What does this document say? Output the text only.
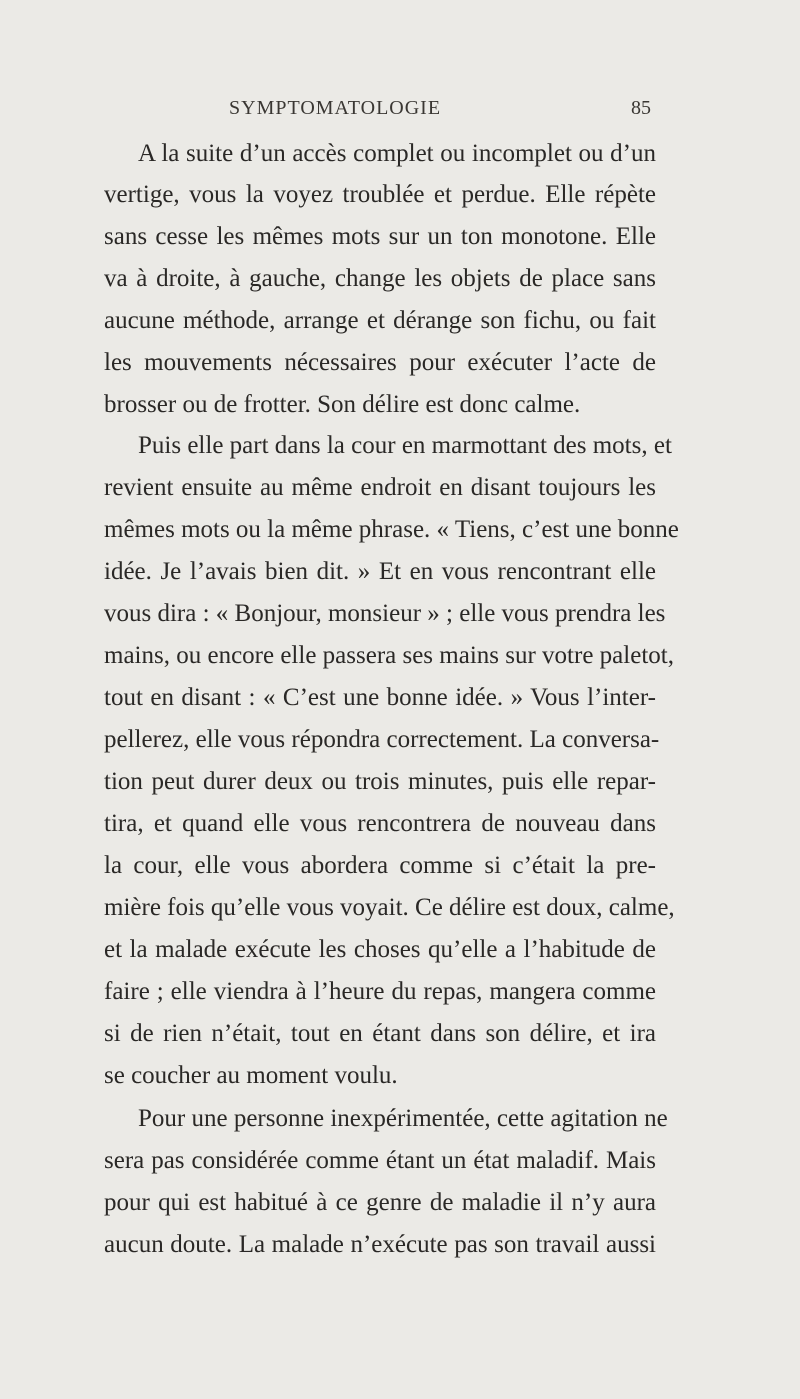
SYMPTOMATOLOGIE	85
A la suite d’un accès complet ou incomplet ou d’un
vertige, vous la voyez troublée et perdue. Elle répète
sans cesse les mêmes mots sur un ton monotone. Elle
va à droite, à gauche, change les objets de place sans
aucune méthode, arrange et dérange son fichu, ou fait
les mouvements nécessaires pour exécuter l’acte de
brosser ou de frotter. Son délire est donc calme.
Puis elle part dans la cour en marmottant des mots, et
revient ensuite au même endroit en disant toujours les
mêmes mots ou la même phrase. « Tiens, c’est une bonne
idée. Je l’avais bien dit. » Et en vous rencontrant elle
vous dira : « Bonjour, monsieur » ; elle vous prendra les
mains, ou encore elle passera ses mains sur votre paletot,
tout en disant : « C’est une bonne idée. » Vous l’inter-
pellerez, elle vous répondra correctement. La conversa-
tion peut durer deux ou trois minutes, puis elle repar-
tira, et quand elle vous rencontrera de nouveau dans
la cour, elle vous abordera comme si c’était la pre-
mière fois qu’elle vous voyait. Ce délire est doux, calme,
et la malade exécute les choses qu’elle a l’habitude de
faire ; elle viendra à l’heure du repas, mangera comme
si de rien n’était, tout en étant dans son délire, et ira
se coucher au moment voulu.
Pour une personne inexpérimentée, cette agitation ne
sera pas considérée comme étant un état maladif. Mais
pour qui est habitué à ce genre de maladie il n’y aura
aucun doute. La malade n’exécute pas son travail aussi
